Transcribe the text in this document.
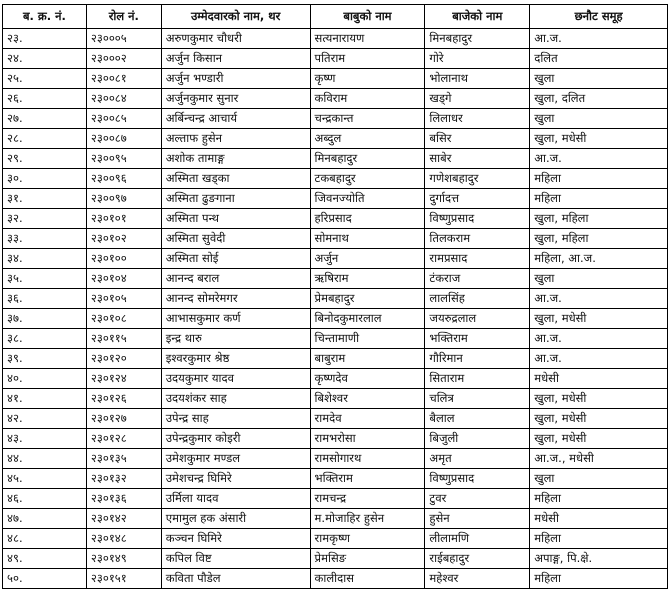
ब. क्र. नं.	रोल नं.	उम्मेदवारको नाम, थर	बाबुको नाम	बाजेको नाम	छनौट समूह
२३.	२३०००५	अरुणकुमार चौधरी	सत्यनारायण	मिनबहादुर	आ.ज.
२४.	२३०००२	अर्जुन किसान	पतिराम	गोरे	दलित
२५.	२३००८१	अर्जुन भण्डारी	कृष्ण	भोलानाथ	खुला
२६.	२३००८४	अर्जुनकुमार सुनार	कविराम	खड्गे	खुला, दलित
२७.	२३००८५	अर्बिन्चन्द्र आचार्य	चन्द्रकान्त	लिलाधर	खुला
२८.	२३००८७	अल्ताफ हुसेन	अब्दुल	बसिर	खुला, मधेसी
२९.	२३००९५	अशोक तामाङ्ग	मिनबहादुर	साबेर	आ.ज.
३०.	२३००९६	अस्मिता खड्का	टकबहादुर	गणेशबहादुर	महिला
३१.	२३००९७	अस्मिता ढुङगाना	जिवनज्योति	दुर्गादत्त	महिला
३२.	२३०१०१	अस्मिता पन्थ	हरिप्रसाद	विष्णुप्रसाद	खुला, महिला
३३.	२३०१०२	अस्मिता सुवेदी	सोमनाथ	तिलकराम	खुला, महिला
३४.	२३०१००	अस्मिता सोई	अर्जुन	रामप्रसाद	महिला, आ.ज.
३५.	२३०१०४	आनन्द बराल	ऋषिराम	टंकराज	खुला
३६.	२३०१०५	आनन्द सोमरेमगर	प्रेमबहादुर	लालसिंह	आ.ज.
३७.	२३०१०८	आभासकुमार कर्ण	बिनोदकुमारलाल	जयरुद्रलाल	खुला, मधेसी
३८.	२३०११५	इन्द्र थारु	चिन्तामाणी	भक्तिराम	आ.ज.
३९.	२३०१२०	इश्वरकुमार श्रेष्ठ	बाबुराम	गौरिमान	आ.ज.
४०.	२३०१२४	उदयकुमार यादव	कृष्णदेव	सिताराम	मधेसी
४१.	२३०१२६	उदयशंकर साह	बिशेश्वर	चलित्र	खुला, मधेसी
४२.	२३०१२७	उपेन्द्र साह	रामदेव	बैलाल	खुला, मधेसी
४३.	२३०१२८	उपेन्द्रकुमार कोइरी	रामभरोसा	बिजुली	खुला, मधेसी
४४.	२३०१३५	उमेशकुमार मण्डल	रामसोगारथ	अमृत	आ.ज., मधेसी
४५.	२३०१३२	उमेशचन्द्र घिमिरे	भक्तिराम	विष्णुप्रसाद	खुला
४६.	२३०१३६	उर्मिला यादव	रामचन्द्र	टुवर	महिला
४७.	२३०१४२	एमामुल हक अंसारी	म.मोजाहिर हुसेन	हुसेन	मधेसी
४८.	२३०१४८	कञ्चन घिमिरे	रामकृष्ण	लीलामणि	महिला
४९.	२३०१४९	कपिल विष्ट	प्रेमसिङ	राईबहादुर	अपाङ्ग, पि.क्षे.
५०.	२३०१५१	कविता पौडेल	कालीदास	महेश्वर	महिला
